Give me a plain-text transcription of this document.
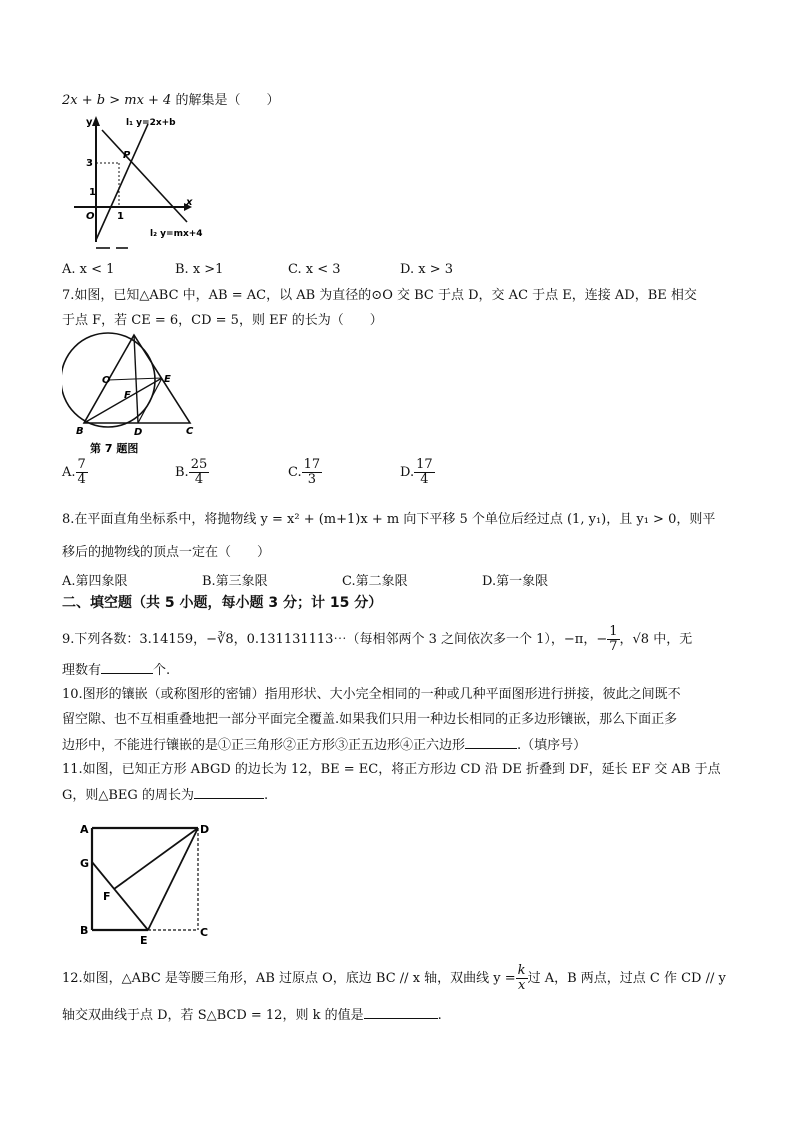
2x + b > mx + 4 的解集是（　　）
y	l₁ y=2x+b
3
P
1
O 1
x
l₂ y=mx+4
A. x < 1	B. x >1	C. x < 3	D. x > 3
7.如图，已知△ABC 中，AB = AC，以 AB 为直径的⊙O 交 BC 于点 D，交 AC 于点 E，连接 AD，BE 相交
于点 F，若 CE = 6，CD = 5，则 EF 的长为（　　）
O
F
E
B	D	C
第 7 题图
A. $\frac{7}{4}$	B. $\frac{25}{4}$	C. $\frac{17}{3}$	D. $\frac{17}{4}$
8.在平面直角坐标系中，将抛物线 y = x² + (m+1)x + m 向下平移 5 个单位后经过点 (1, y₁)，且 y₁ > 0，则平
移后的抛物线的顶点一定在（　　）
A.第四象限	B.第三象限	C.第二象限	D.第一象限
二、填空题（共 5 小题，每小题 3 分；计 15 分）
9.下列各数：3.14159，−∛8，0.131131113⋯（每相邻两个 3 之间依次多一个 1），−π，− $\frac{1}{7}$ ，√8 中，无
理数有	个.
10.图形的镶嵌（或称图形的密铺）指用形状、大小完全相同的一种或几种平面图形进行拼接，彼此之间既不
留空隙、也不互相重叠地把一部分平面完全覆盖.如果我们只用一种边长相同的正多边形镶嵌，那么下面正多
边形中，不能进行镶嵌的是①正三角形②正方形③正五边形④正六边形	.（填序号）
11.如图，已知正方形 ABGD 的边长为 12，BE = EC，将正方形边 CD 沿 DE 折叠到 DF，延长 EF 交 AB 于点
G，则△BEG 的周长为	.
A	D
G
F
B
E
C
12.如图，△ABC 是等腰三角形，AB 过原点 O，底边 BC // x 轴，双曲线 $y = \frac{k}{x}$ 过 A，B 两点，过点 C 作 CD // y
轴交双曲线于点 D，若 S△BCD = 12，则 k 的值是	.
